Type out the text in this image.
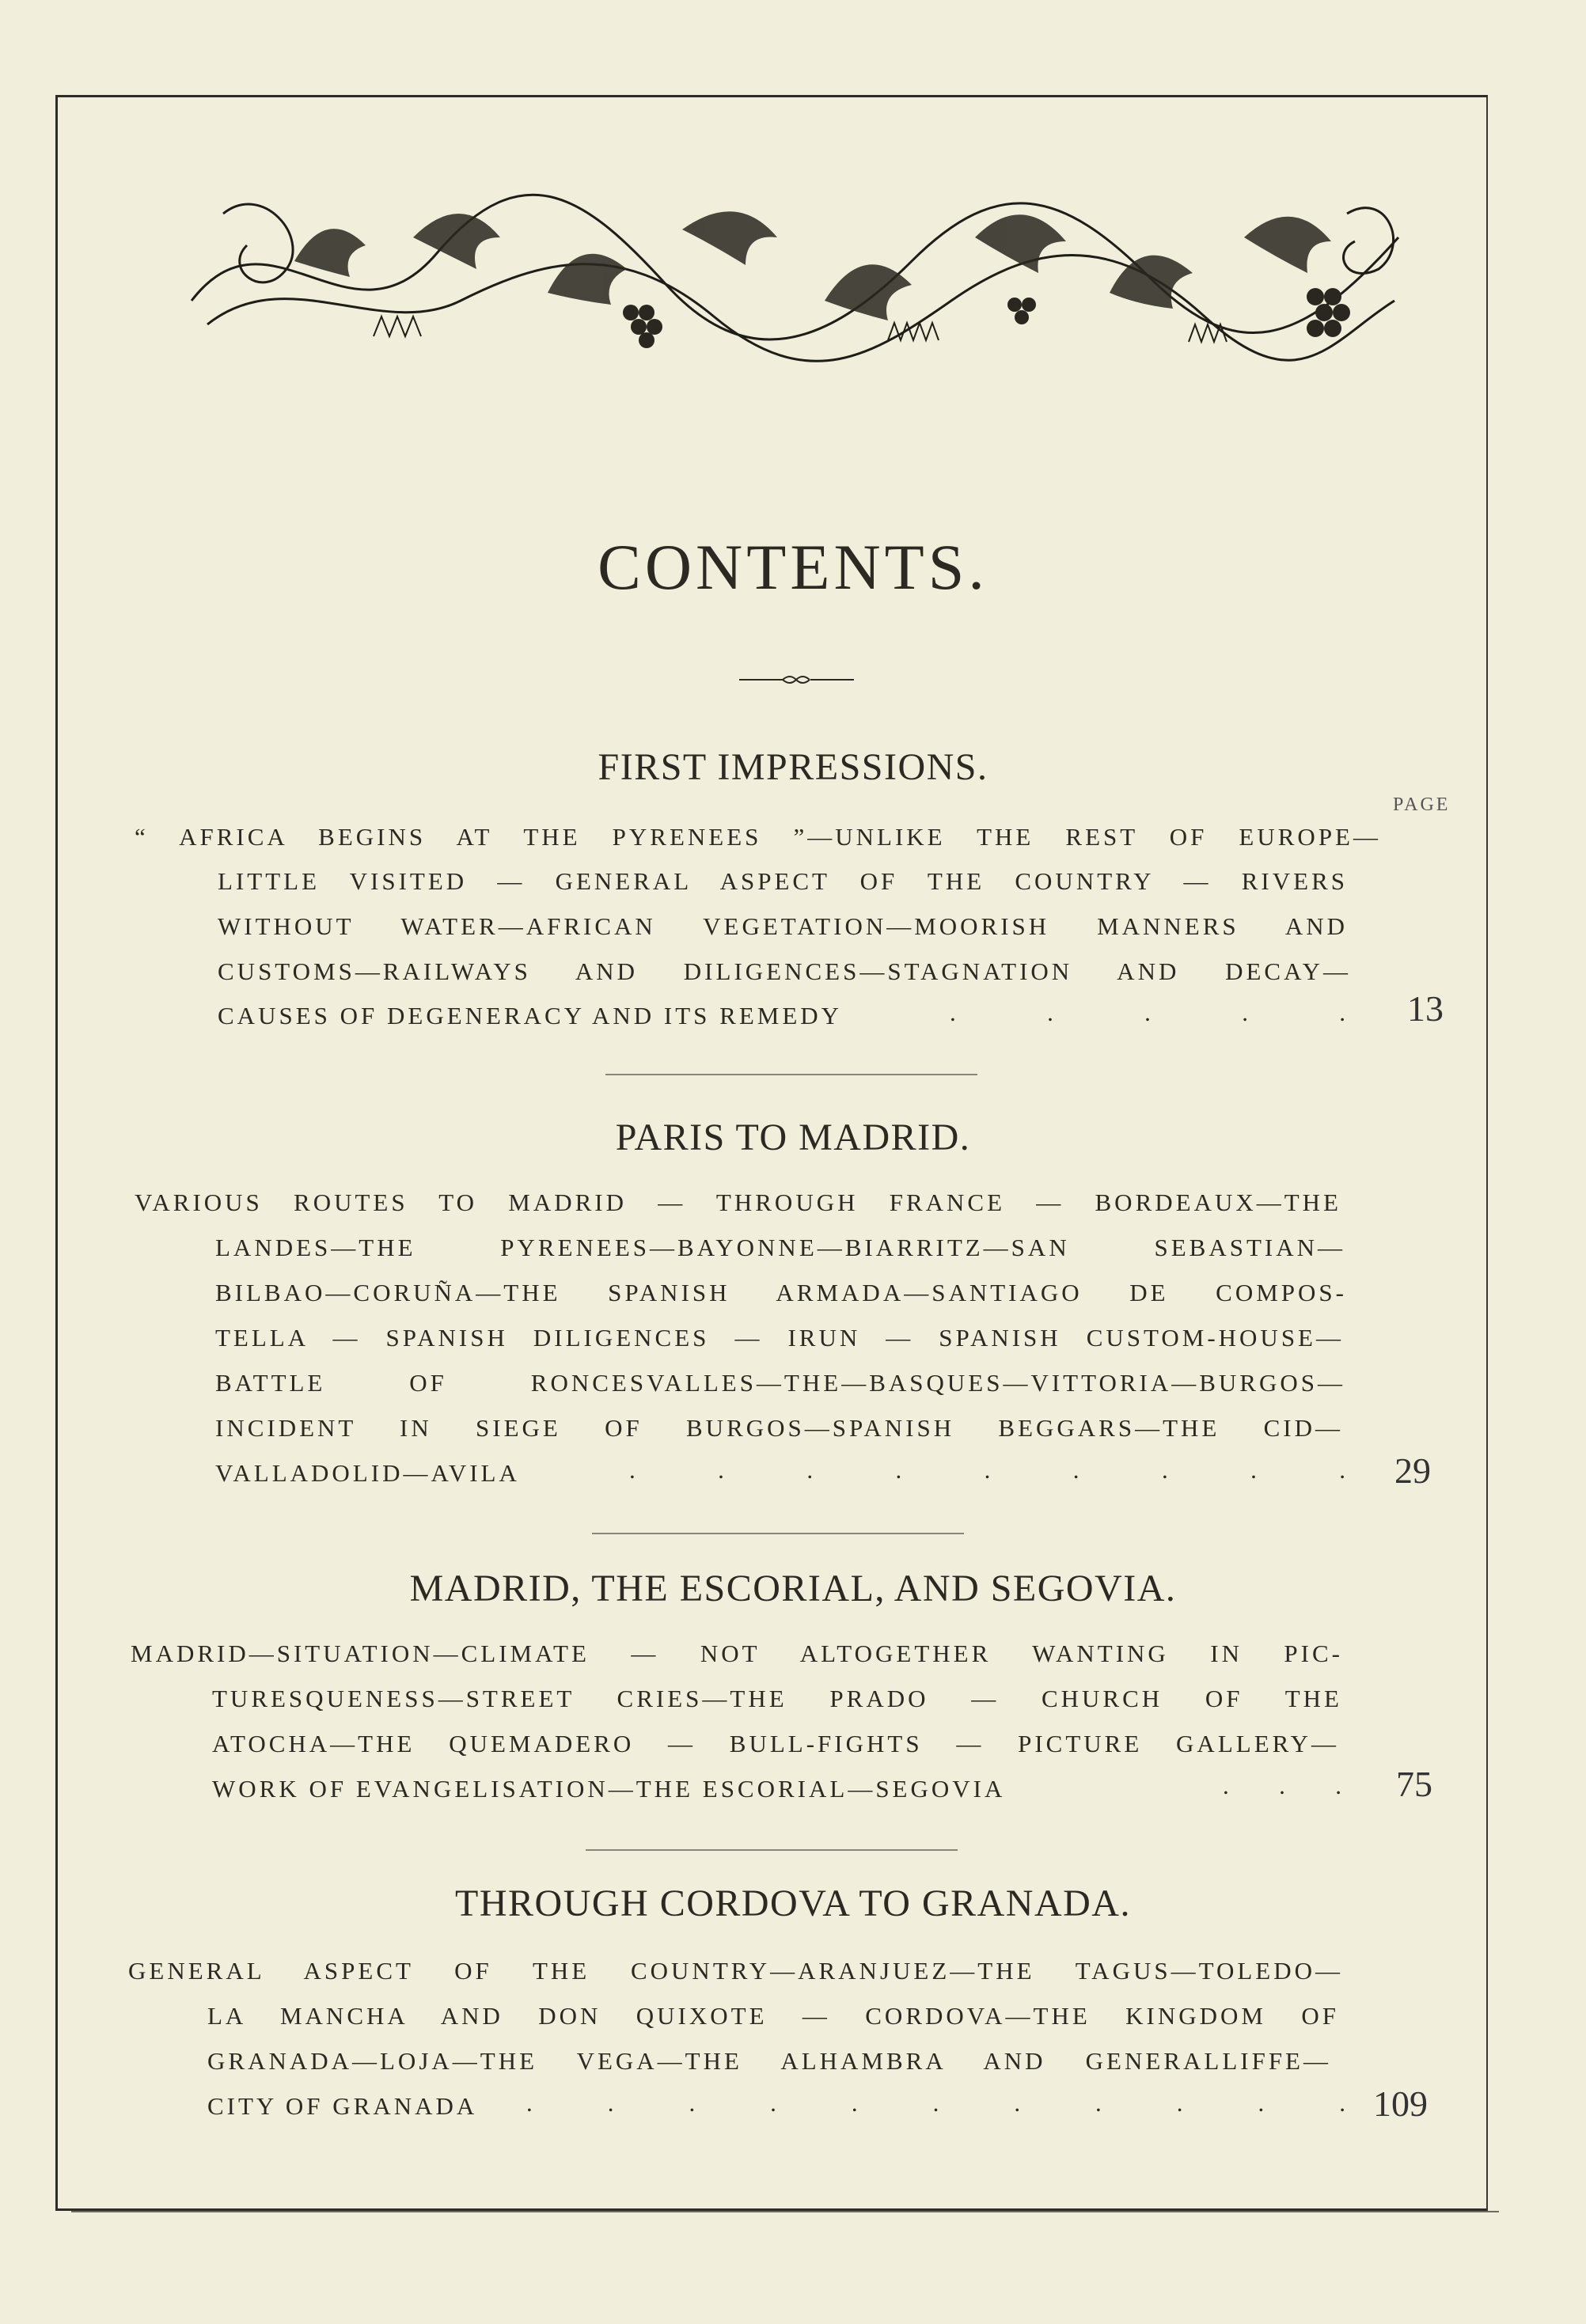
CONTENTS.
PAGE
FIRST IMPRESSIONS.
“ AFRICA BEGINS AT THE PYRENEES ”—UNLIKE THE REST OF EUROPE—
LITTLE VISITED — GENERAL ASPECT OF THE COUNTRY — RIVERS
WITHOUT WATER—AFRICAN VEGETATION—MOORISH MANNERS AND
CUSTOMS—RAILWAYS AND DILIGENCES—STAGNATION AND DECAY—
CAUSES OF DEGENERACY AND ITS REMEDY	.	.	.	.	. 13
PARIS TO MADRID.
VARIOUS ROUTES TO MADRID — THROUGH FRANCE — BORDEAUX—THE
LANDES—THE PYRENEES—BAYONNE—BIARRITZ—SAN SEBASTIAN—
BILBAO—CORUÑA—THE SPANISH ARMADA—SANTIAGO DE COMPOS-
TELLA — SPANISH DILIGENCES — IRUN — SPANISH CUSTOM-HOUSE—
BATTLE OF RONCESVALLES—THE—BASQUES—VITTORIA—BURGOS—
INCIDENT IN SIEGE OF BURGOS—SPANISH BEGGARS—THE CID—
VALLADOLID—AVILA	.	.	.	.	.	.	.	.	. 29
MADRID, THE ESCORIAL, AND SEGOVIA.
MADRID—SITUATION—CLIMATE — NOT ALTOGETHER WANTING IN PIC-
TURESQUENESS—STREET CRIES—THE PRADO — CHURCH OF THE
ATOCHA—THE QUEMADERO — BULL-FIGHTS — PICTURE GALLERY—
WORK OF EVANGELISATION—THE ESCORIAL—SEGOVIA	. . . 75
THROUGH CORDOVA TO GRANADA.
GENERAL ASPECT OF THE COUNTRY—ARANJUEZ—THE TAGUS—TOLEDO—
LA MANCHA AND DON QUIXOTE — CORDOVA—THE KINGDOM OF
GRANADA—LOJA—THE VEGA—THE ALHAMBRA AND GENERALLIFFE—
CITY OF GRANADA .	.	.	.	.	.	.	.	.	.	. 109
